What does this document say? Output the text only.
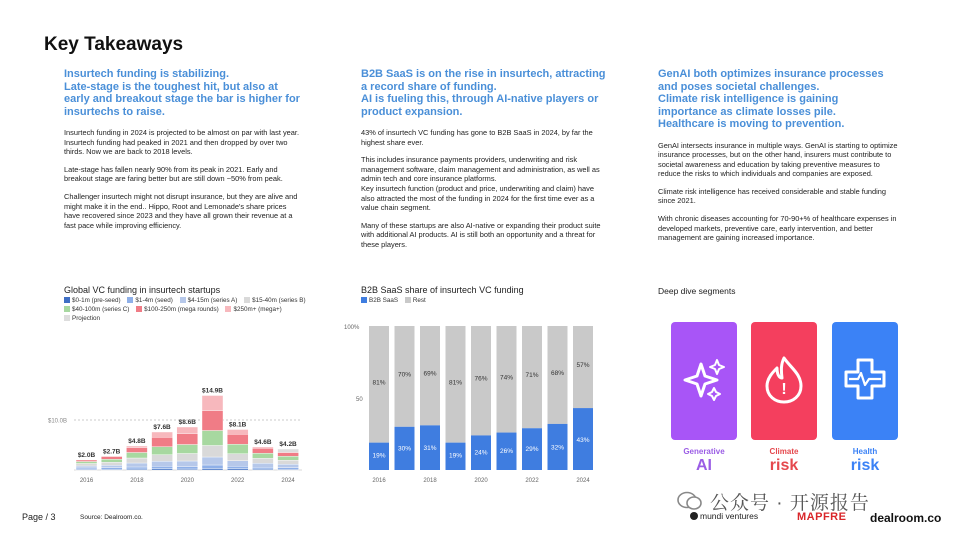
Key Takeaways
Insurtech funding is stabilizing.
Late-stage is the toughest hit, but also at early and breakout stage the bar is higher for insurtechs to raise.

Insurtech funding in 2024 is projected to be almost on par with last year. Insurtech funding had peaked in 2021 and then dropped by over two thirds. Now we are back to 2018 levels.

Late-stage has fallen nearly 90% from its peak in 2021. Early and breakout stage are faring better but are still down ~50% from peak.

Challenger insurtech might not disrupt insurance, but they are alive and might make it in the end.. Hippo, Root and Lemonade's share prices have recovered since 2023 and they have all grown their revenue at a fast pace while improving efficiency.

B2B SaaS is on the rise in insurtech, attracting a record share of funding.
AI is fueling this, through AI-native players or product expansion.

43% of insurtech VC funding has gone to B2B SaaS in 2024, by far the highest share ever.

This includes insurance payments providers, underwriting and risk management software, claim management and administration, as well as admin tech and core insurance platforms.

Key insurtech function (product and price, underwriting and claim) have also attracted the most of the funding in 2024 for the first time ever as a value chain segment.

Many of these startups are also AI-native or expanding their product suite with additional AI products. AI is still both an opportunity and a threat for these players.

GenAI both optimizes insurance processes and poses societal challenges.
Climate risk intelligence is gaining importance as climate losses pile.
Healthcare is moving to prevention.

GenAI intersects insurance in multiple ways. GenAI is starting to optimize insurance processes, but on the other hand, insurers must contribute to societal awareness and education by taking preventive measures to reduce the risks to which individuals and companies are exposed.

Climate risk intelligence has received considerable and stable funding since 2021.

With chronic diseases accounting for 70-90+% of healthcare expenses in developed markets, preventive care, early intervention, and better management are gaining increased importance.

Global VC funding in insurtech startups
$0-1m (pre-seed) $1-4m (seed) $4-15m (series A) $15-40m (series B) $40-100m (series C) $100-250m (mega rounds) $250m+ (mega+) Projection
$10.0B
$2.0B $2.7B
$4.8B
$7.6B
$8.6B
$14.9B
$8.1B
$4.6B $4.2B
2016	2018	2020	2022	2024
B2B SaaS share of insurtech VC funding
B2B SaaS Rest
100%
50
81%
19%
70%
30%
69%
31%
81%
19%
76%
24%
74%
26%
71%
29%
68%
32%
57%
43%
2016	2018	2020	2022	2024
Deep dive segments
!
Generative
AI
Climate
risk
Health
risk
Page / 3	Source: Dealroom.co.
公众号 · 开源报告
mundi ventures	MAPFRE dealroom.co
